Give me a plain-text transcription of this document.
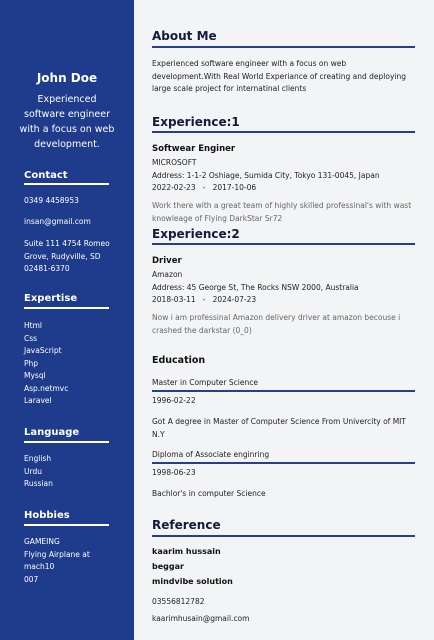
John Doe
Experienced software engineer with a focus on web development.
Contact
0349 4458953
insan@gmail.com
Suite 111 4754 Romeo Grove, Rudyville, SD 02481-6370
Expertise
Html
Css
JavaScript
Php
Mysql
Asp.netmvc
Laravel
Language
English
Urdu
Russian
Hobbies
GAMEING
Flying Airplane at mach10
007
About Me
Experienced software engineer with a focus on web development.With Real World Experiance of creating and deploying large scale project for internatinal clients
Experience:1
Softwear Enginer
MICROSOFT
Address: 1-1-2 Oshiage, Sumida City, Tokyo 131-0045, Japan
2022-02-23   -   2017-10-06
Work there with a great team of highly skilled professinal's with wast knowleage of Flying DarkStar Sr72
Experience:2
Driver
Amazon
Address: 45 George St, The Rocks NSW 2000, Australia
2018-03-11   -   2024-07-23
Now i am professinal Amazon delivery driver at amazon becouse i crashed the darkstar (0_0)
Education
Master in Computer Science
1996-02-22
Got A degree in Master of Computer Science From Univercity of MIT N.Y
Diploma of Associate enginring
1998-06-23
Bachlor's in computer Science
Reference
kaarim hussain
beggar
mindvibe solution
03556812782
kaarimhusain@gmail.com
